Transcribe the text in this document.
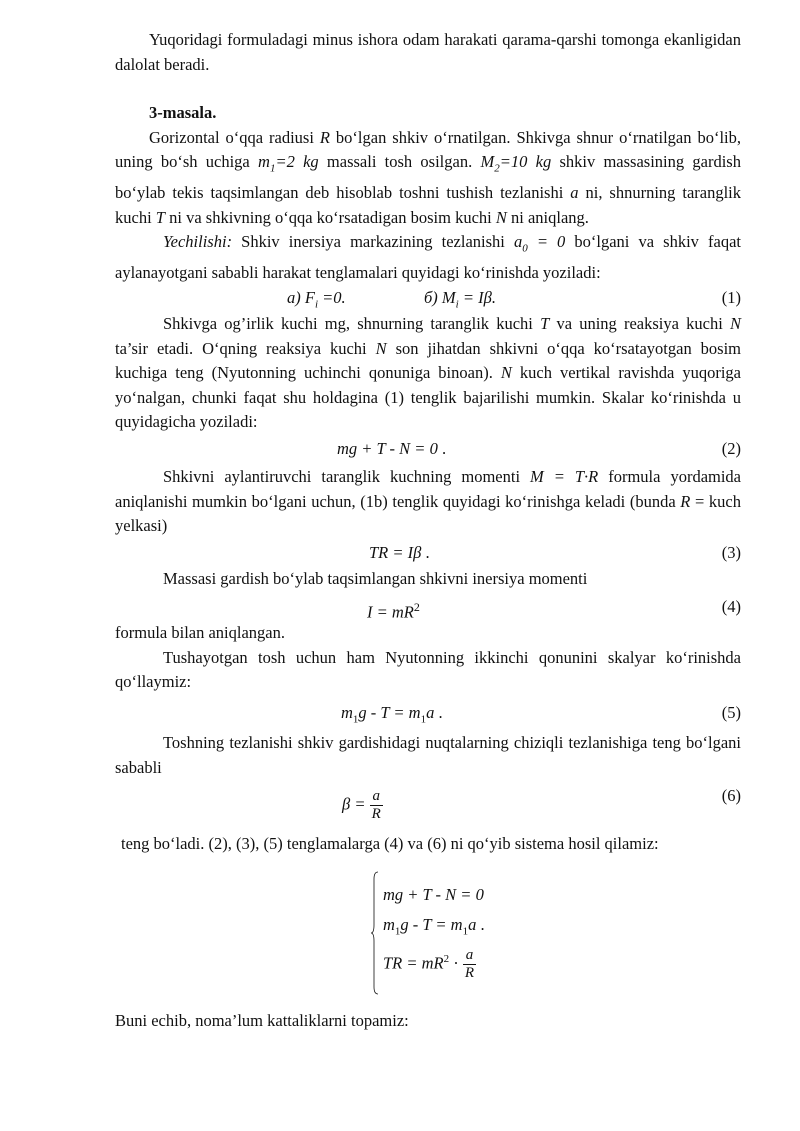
Yuqoridagi formuladagi minus ishora odam harakati qarama-qarshi tomonga ekanligidan dalolat beradi.

3-masala.

Gorizontal o‘qqa radiusi R bo‘lgan shkiv o‘rnatilgan. Shkivga shnur o‘rnatilgan bo‘lib, uning bo‘sh uchiga $m_1=2$ kg massali tosh osilgan. $M_2=10$ kg shkiv massasining gardish bo‘ylab tekis taqsimlangan deb hisoblab toshni tushish tezlanishi a ni, shnurning taranglik kuchi T ni va shkivning o‘qqa ko‘rsatadigan bosim kuchi N ni aniqlang.

Yechilishi: Shkiv inersiya markazining tezlanishi $a_0 = 0$ bo‘lgani va shkiv faqat aylanayotgani sababli harakat tenglamalari quyidagi ko‘rinishda yoziladi:

а) $F_i =0$.	б) $M_i = I\beta$.	(1)

Shkivga og’irlik kuchi mg, shnurning taranglik kuchi T va uning reaksiya kuchi N ta’sir etadi. O‘qning reaksiya kuchi N son jihatdan shkivni o‘qqa ko‘rsatayotgan bosim kuchiga teng (Nyutonning uchinchi qonuniga binoan). N kuch vertikal ravishda yuqoriga yo‘nalgan, chunki faqat shu holdagina (1) tenglik bajarilishi mumkin. Skalar ko‘rinishda u quyidagicha yoziladi:

mg + T - N = 0 .	(2)

Shkivni aylantiruvchi taranglik kuchning momenti M = T·R formula yordamida aniqlanishi mumkin bo‘lgani uchun, (1b) tenglik quyidagi ko‘rinishga keladi (bunda R = kuch yelkasi)

TR = Iβ .	(3)

Massasi gardish bo‘ylab taqsimlangan shkivni inersiya momenti

$I = mR^2$	(4)

formula bilan aniqlangan.

Tushayotgan tosh uchun ham Nyutonning ikkinchi qonunini skalyar ko‘rinishda qo‘llaymiz:

$m_1g - T = m_1a$ .	(5)

Toshning tezlanishi shkiv gardishidagi nuqtalarning chiziqli tezlanishiga teng bo‘lgani sababli

$\beta = \frac{a}{R}$	(6)

teng bo‘ladi. (2), (3), (5) tenglamalarga (4) va (6) ni qo‘yib sistema hosil qilamiz:

mg + T - N = 0
$m_1g - T = m_1a$ .
TR = $mR^2 \cdot \frac{a}{R}$

Buni echib, noma’lum kattaliklarni topamiz:
